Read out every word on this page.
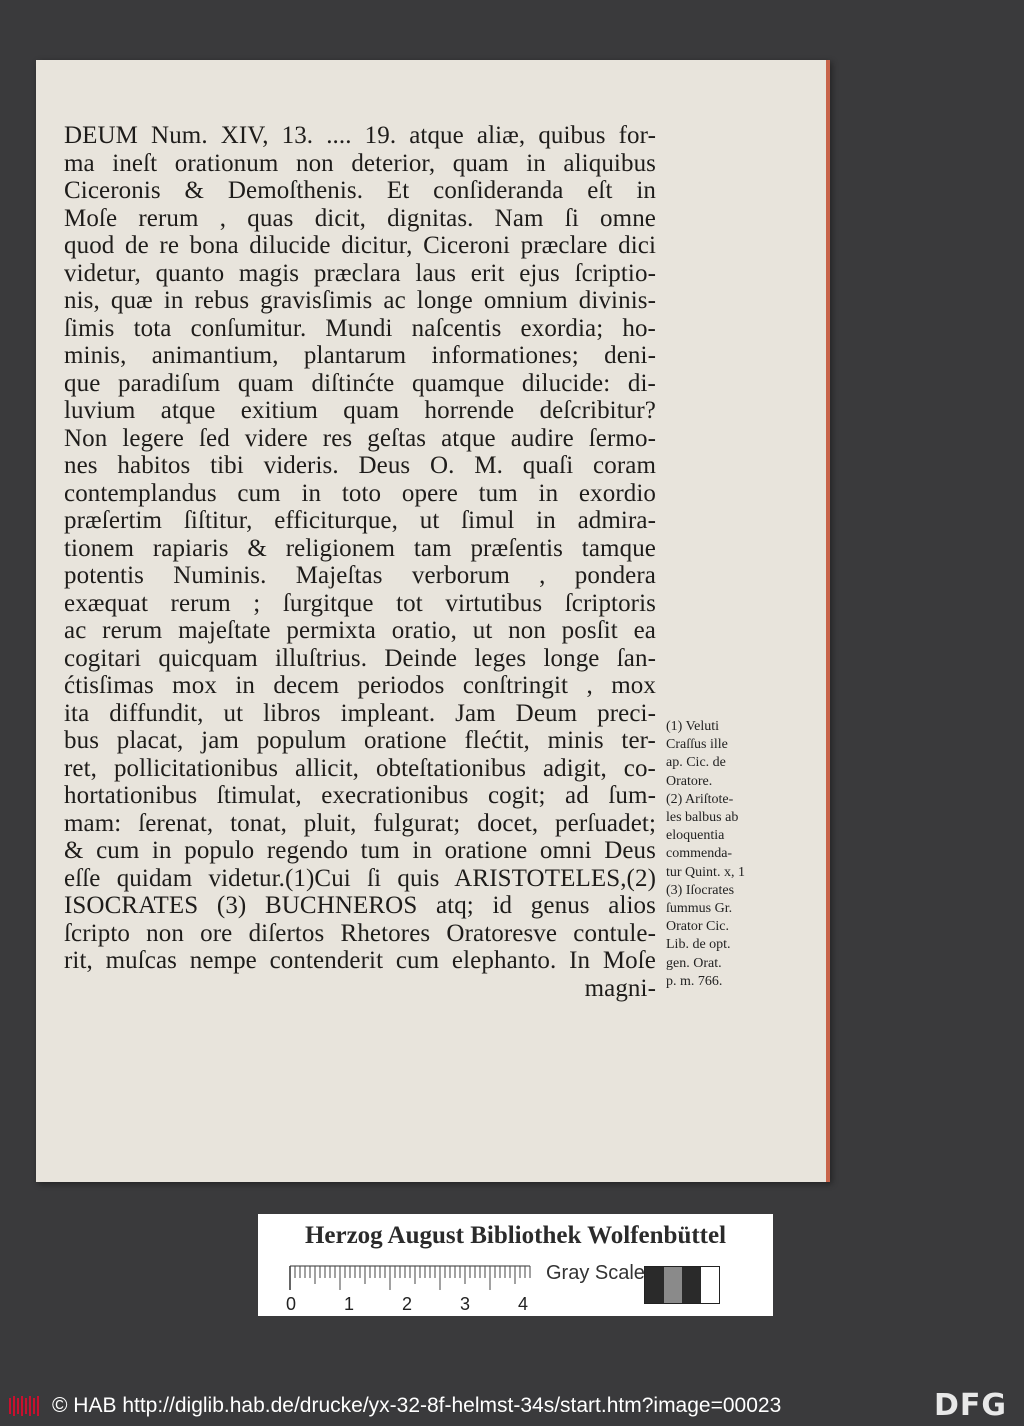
DEUM Num. XIV, 13. .... 19. atque aliæ, quibus for-
ma ineſt orationum non deterior, quam in aliquibus
Ciceronis & Demoſthenis. Et conſideranda eſt in
Moſe rerum , quas dicit, dignitas. Nam ſi omne
quod de re bona dilucide dicitur, Ciceroni præclare dici
videtur, quanto magis præclara laus erit ejus ſcriptio-
nis, quæ in rebus gravisſimis ac longe omnium divinis-
ſimis tota conſumitur. Mundi naſcentis exordia; ho-
minis, animantium, plantarum informationes; deni-
que paradiſum quam diſtinćte quamque dilucide: di-
luvium atque exitium quam horrende deſcribitur?
Non legere ſed videre res geſtas atque audire ſermo-
nes habitos tibi videris. Deus O. M. quaſi coram
contemplandus cum in toto opere tum in exordio
præſertim ſiſtitur, efficiturque, ut ſimul in admira-
tionem rapiaris & religionem tam præſentis tamque
potentis Numinis. Majeſtas verborum , pondera
exæquat rerum ; ſurgitque tot virtutibus ſcriptoris
ac rerum majeſtate permixta oratio, ut non posſit ea
cogitari quicquam illuſtrius. Deinde leges longe ſan-
ćtisſimas mox in decem periodos conſtringit , mox
ita diffundit, ut libros impleant. Jam Deum preci-
bus placat, jam populum oratione flećtit, minis ter-
ret, pollicitationibus allicit, obteſtationibus adigit, co-
hortationibus ſtimulat, execrationibus cogit; ad ſum-
mam: ſerenat, tonat, pluit, fulgurat; docet, perſuadet;
& cum in populo regendo tum in oratione omni Deus
eſſe quidam videtur.(1)Cui ſi quis ARISTOTELES,(2)
ISOCRATES (3) BUCHNEROS atq; id genus alios
ſcripto non ore diſertos Rhetores Oratoresve contule-
rit, muſcas nempe contenderit cum elephanto. In Moſe
magni-
(1) Veluti
Craſſus ille
ap. Cic. de
Oratore.
(2) Ariſtote-
les balbus ab
eloquentia
commenda-
tur Quint. x, 1
(3) Iſocrates
ſummus Gr.
Orator Cic.
Lib. de opt.
gen. Orat.
p. m. 766.
Herzog August Bibliothek Wolfenbüttel
0	1	2	3	4
Gray Scale
© HAB http://diglib.hab.de/drucke/yx-32-8f-helmst-34s/start.htm?image=00023	DFG
